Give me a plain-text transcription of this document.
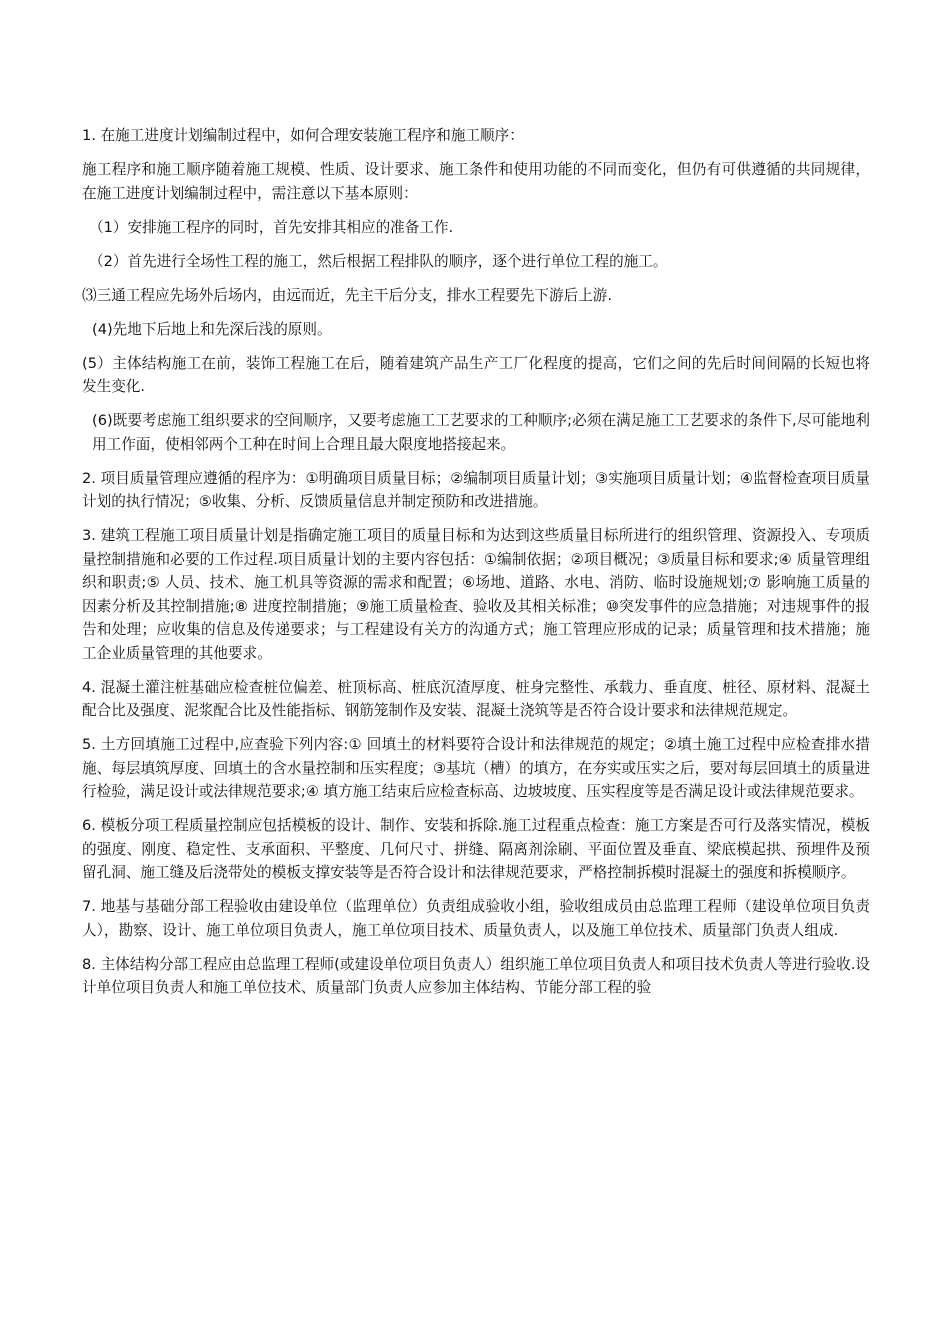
1. 在施工进度计划编制过程中，如何合理安装施工程序和施工顺序：

施工程序和施工顺序随着施工规模、性质、设计要求、施工条件和使用功能的不同而变化，但仍有可供遵循的共同规律，在施工进度计划编制过程中，需注意以下基本原则：

（1）安排施工程序的同时，首先安排其相应的准备工作.

（2）首先进行全场性工程的施工，然后根据工程排队的顺序，逐个进行单位工程的施工。

⑶三通工程应先场外后场内，由远而近，先主干后分支，排水工程要先下游后上游.

(4)先地下后地上和先深后浅的原则。

(5）主体结构施工在前，装饰工程施工在后，随着建筑产品生产工厂化程度的提高，它们之间的先后时间间隔的长短也将发生变化.

(6)既要考虑施工组织要求的空间顺序，又要考虑施工工艺要求的工种顺序;必须在满足施工工艺要求的条件下,尽可能地利用工作面，使相邻两个工种在时间上合理且最大限度地搭接起来。

2. 项目质量管理应遵循的程序为：①明确项目质量目标；②编制项目质量计划；③实施项目质量计划；④监督检查项目质量计划的执行情况；⑤收集、分析、反馈质量信息并制定预防和改进措施。

3. 建筑工程施工项目质量计划是指确定施工项目的质量目标和为达到这些质量目标所进行的组织管理、资源投入、专项质量控制措施和必要的工作过程.项目质量计划的主要内容包括：①编制依据；②项目概况；③质量目标和要求;④ 质量管理组织和职责;⑤ 人员、技术、施工机具等资源的需求和配置；⑥场地、道路、水电、消防、临时设施规划;⑦ 影响施工质量的因素分析及其控制措施;⑧ 进度控制措施；⑨施工质量检查、验收及其相关标准；⑩突发事件的应急措施；对违规事件的报告和处理；应收集的信息及传递要求；与工程建设有关方的沟通方式；施工管理应形成的记录；质量管理和技术措施；施工企业质量管理的其他要求。

4. 混凝土灌注桩基础应检查桩位偏差、桩顶标高、桩底沉渣厚度、桩身完整性、承载力、垂直度、桩径、原材料、混凝土配合比及强度、泥浆配合比及性能指标、钢筋笼制作及安装、混凝土浇筑等是否符合设计要求和法律规范规定。

5. 土方回填施工过程中,应查验下列内容:① 回填土的材料要符合设计和法律规范的规定；②填土施工过程中应检查排水措施、每层填筑厚度、回填土的含水量控制和压实程度；③基坑（槽）的填方，在夯实或压实之后，要对每层回填土的质量进行检验，满足设计或法律规范要求;④ 填方施工结束后应检查标高、边坡坡度、压实程度等是否满足设计或法律规范要求。

6. 模板分项工程质量控制应包括模板的设计、制作、安装和拆除.施工过程重点检查：施工方案是否可行及落实情况，模板的强度、刚度、稳定性、支承面积、平整度、几何尺寸、拼缝、隔离剂涂刷、平面位置及垂直、梁底模起拱、预埋件及预留孔洞、施工缝及后浇带处的模板支撑安装等是否符合设计和法律规范要求，严格控制拆模时混凝土的强度和拆模顺序。

7. 地基与基础分部工程验收由建设单位（监理单位）负责组成验收小组，验收组成员由总监理工程师（建设单位项目负责人），勘察、设计、施工单位项目负责人，施工单位项目技术、质量负责人，以及施工单位技术、质量部门负责人组成.

8. 主体结构分部工程应由总监理工程师(或建设单位项目负责人）组织施工单位项目负责人和项目技术负责人等进行验收.设计单位项目负责人和施工单位技术、质量部门负责人应参加主体结构、节能分部工程的验
